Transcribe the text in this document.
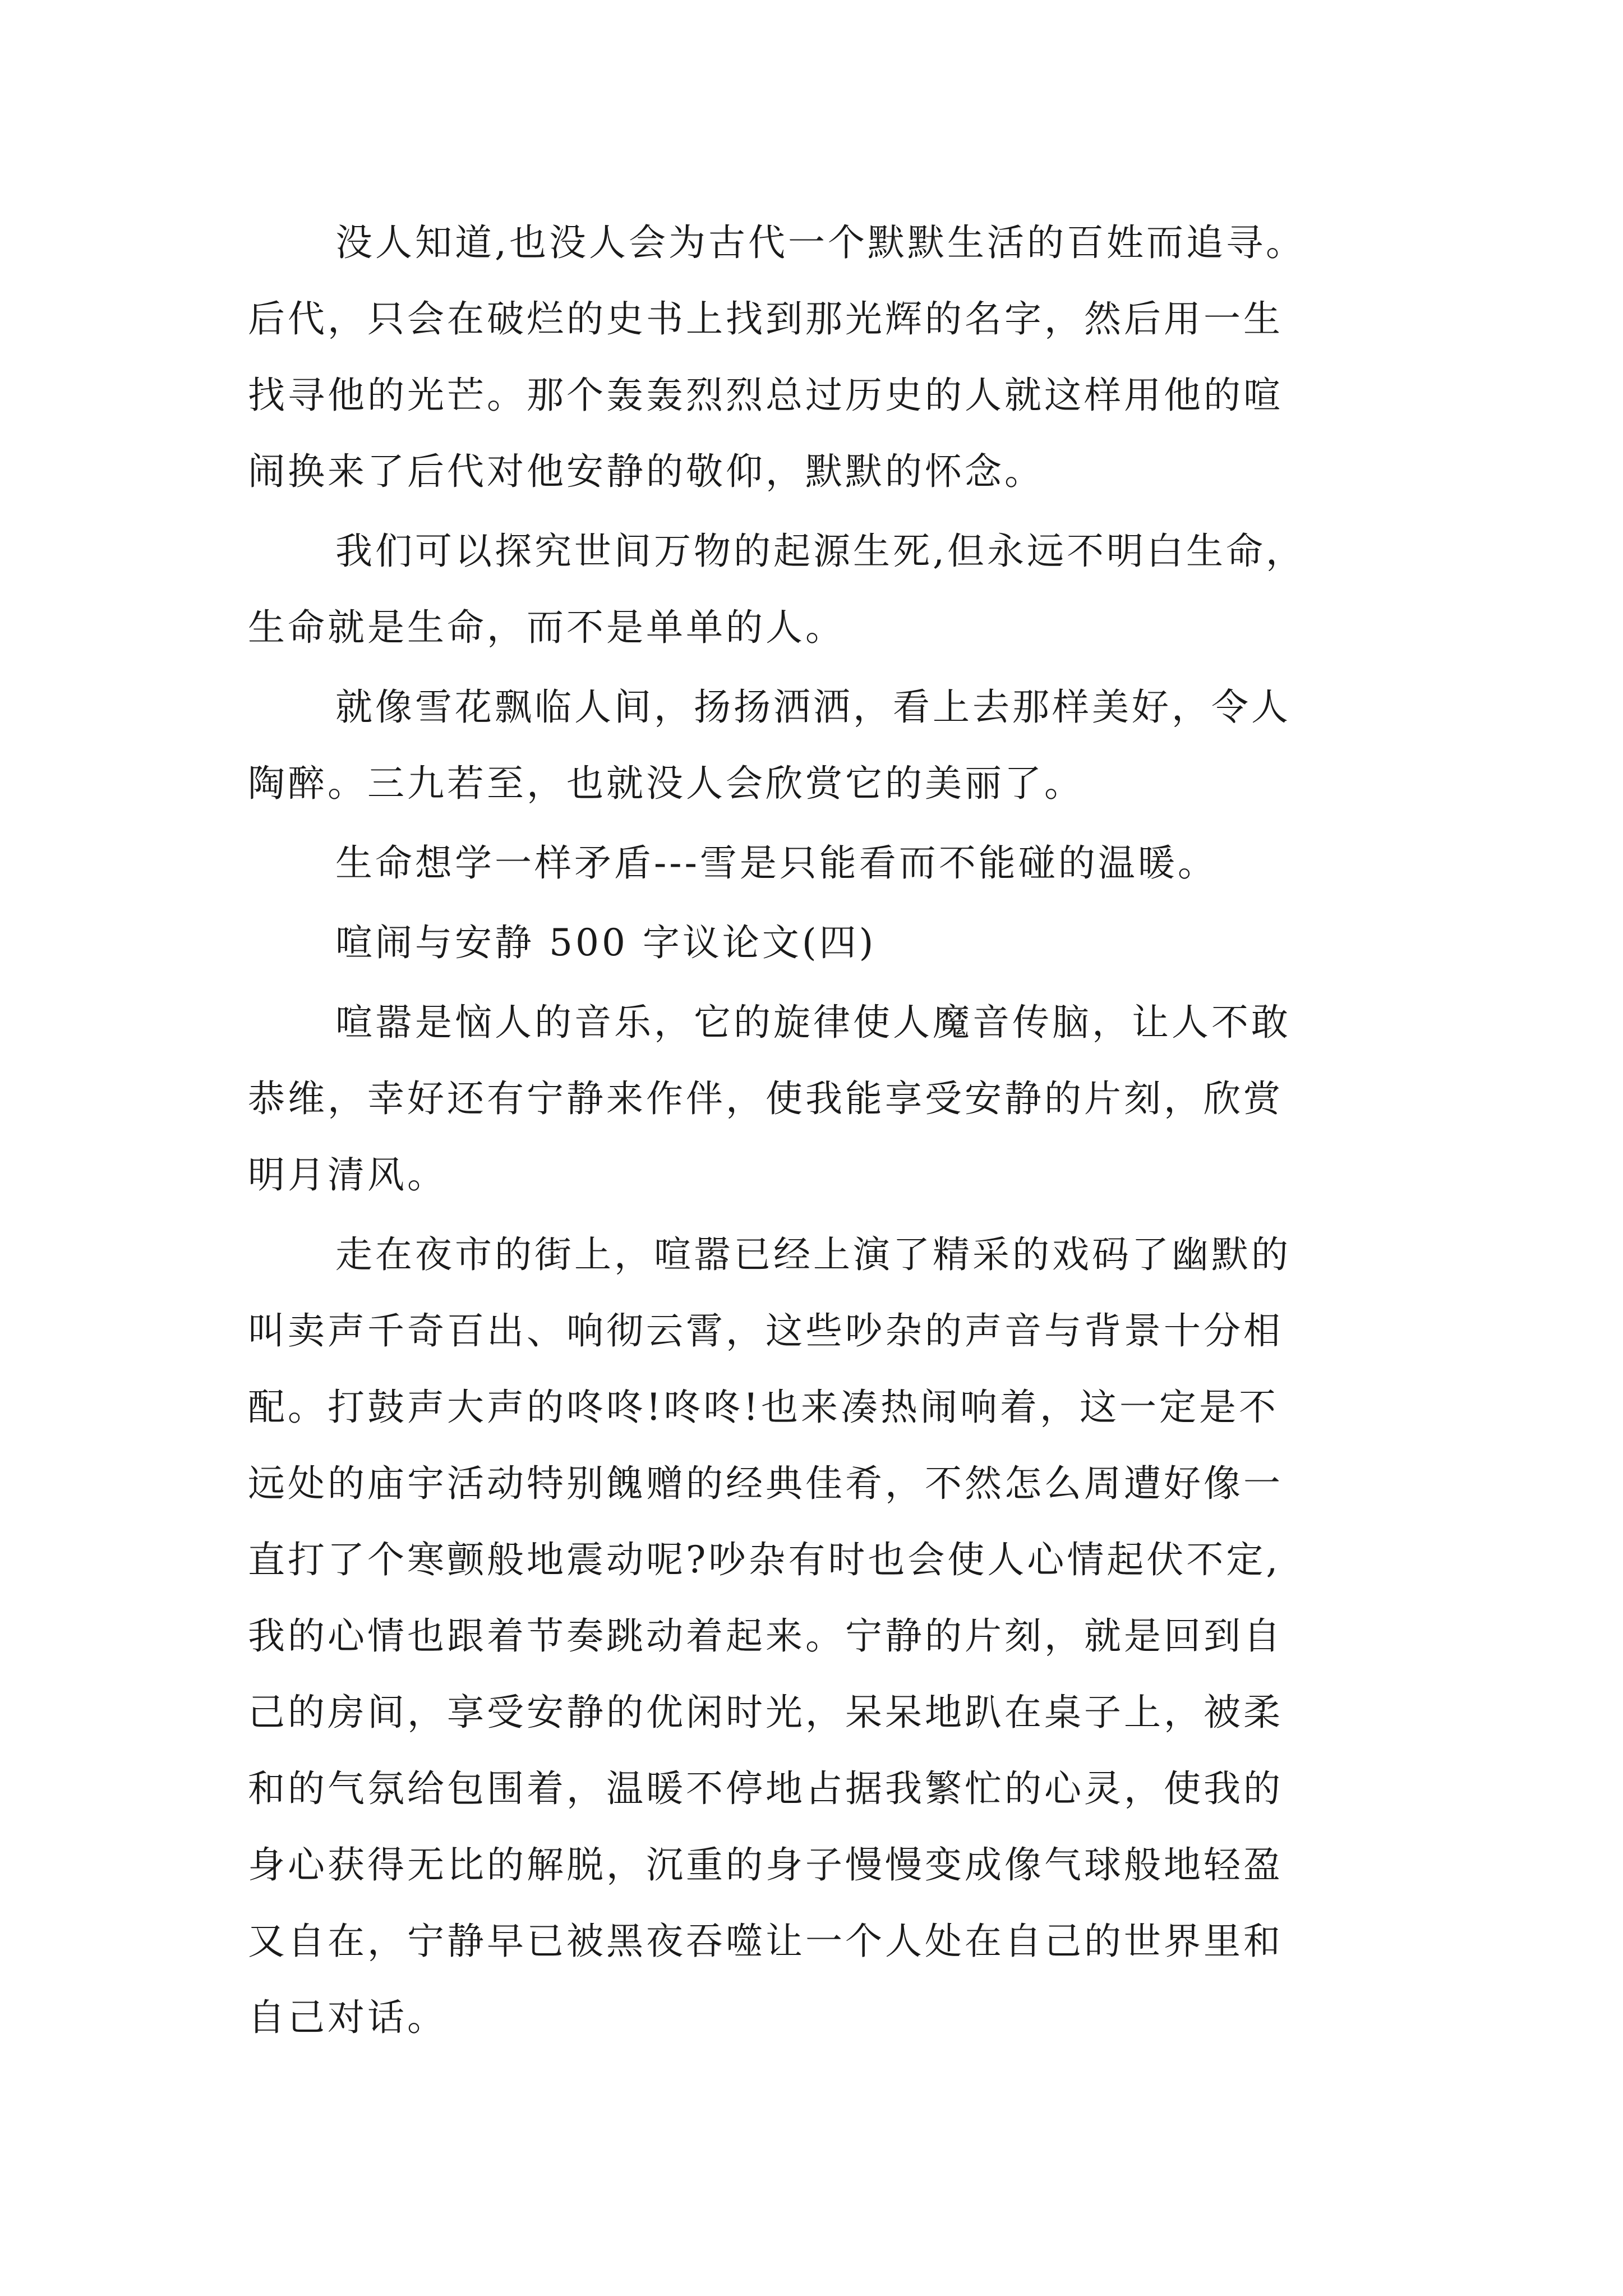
没人知道,也没人会为古代一个默默生活的百姓而追寻。

后代，只会在破烂的史书上找到那光辉的名字，然后用一生

找寻他的光芒。那个轰轰烈烈总过历史的人就这样用他的喧

闹换来了后代对他安静的敬仰，默默的怀念。

我们可以探究世间万物的起源生死,但永远不明白生命，

生命就是生命，而不是单单的人。

就像雪花飘临人间，扬扬洒洒，看上去那样美好，令人

陶醉。三九若至，也就没人会欣赏它的美丽了。

生命想学一样矛盾---雪是只能看而不能碰的温暖。

喧闹与安静 500 字议论文(四)

喧嚣是恼人的音乐，它的旋律使人魔音传脑，让人不敢

恭维，幸好还有宁静来作伴，使我能享受安静的片刻，欣赏

明月清风。

走在夜市的街上，喧嚣已经上演了精采的戏码了幽默的

叫卖声千奇百出、响彻云霄，这些吵杂的声音与背景十分相

配。打鼓声大声的咚咚!咚咚!也来凑热闹响着，这一定是不

远处的庙宇活动特别餽赠的经典佳肴，不然怎么周遭好像一

直打了个寒颤般地震动呢?吵杂有时也会使人心情起伏不定,

我的心情也跟着节奏跳动着起来。宁静的片刻，就是回到自

己的房间，享受安静的优闲时光，呆呆地趴在桌子上，被柔

和的气氛给包围着，温暖不停地占据我繁忙的心灵，使我的

身心获得无比的解脱，沉重的身子慢慢变成像气球般地轻盈

又自在，宁静早已被黑夜吞噬让一个人处在自己的世界里和

自己对话。
